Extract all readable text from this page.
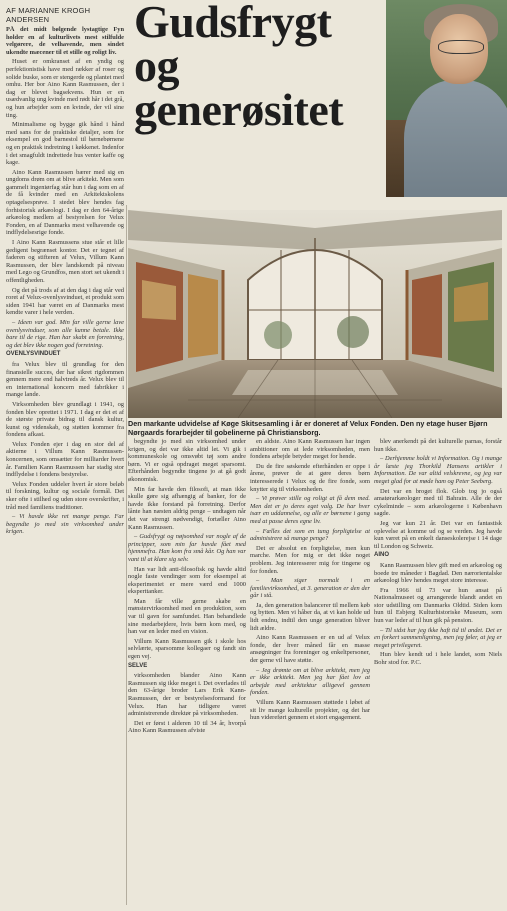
AF MARIANNE KROGH ANDERSEN

PÅ det midt bølgende lystagtige Fyn holder en af kulturlivets mest stilfulde velgørere, de velhavende, men sindet ukendte mæcener til et stille og roligt liv.

Huset er omkranset af en yndig og perfektionistisk have med rækker af roser og solide buske, som er stengerde og plantet med omhu. Her bor Aino Kann Rasmussen, der i dag er blevet bagsekvens. Hun er en usædvanlig ung kvinde med rødt hår i det grå, og hun arbejder som en kvinde, der vil sine ting.

Minimalisme og bygge gik hånd i hånd med sans for de praktiske detaljer, som for eksempel en god barnestol til børnebørnene og en praktisk indretning i køkkenet. Indenfor i det smagfuldt indrettede hus venter kaffe og kage.

Aino Kann Rasmussen bærer med sig en ungdoms drøm om at blive arkitekt. Men som gammelt ingeniørfag står hun i dag som en af de få kvinder med en Arkitektskolens optagelsesprøve. I stedet blev hendes fag forhistorisk arkæologi. I dag er den 64-årige arkæolog medlem af bestyrelsen for Velux Fonden, en af Danmarks mest velhavende og indflydelsesrige fonde.

I Aino Kann Rasmussens stue står et lille gedigent begrænset kontor. Det er tegnet af faderen og stifteren af Velux, Villum Kann Rasmussen, der blev landskendt på niveau med Lego og Grundfos, men stort set ukendt i offentligheden.

Og det på trods af at den dag i dag står ved roret af Velux-ovenlysvinduet, et produkt som siden 1941 har været en af Danmarks mest kendte varer i hele verden.

– Ideen var god. Min far ville gerne lave ovenlysvinduer, som alle kunne betale. Ikke bare til de rige. Han har skabt en forretning, og det blev ikke nogen god forretning.

OVENLYSVINDUET

fra Velux blev til grundlag for den finansielle succes, der har sikret rigdommen gennem mere end halvtreds år. Velux blev til en international koncern med fabrikker i mange lande.

Virksomheden blev grundlagt i 1941, og fonden blev oprettet i 1971. I dag er det et af de største private bidrag til dansk kultur, kunst og videnskab, og støtten kommer fra fondens afkast.

Velux Fonden ejer i dag en stor del af aktierne i Villum Kann Rasmussen-koncernen, som omsætter for milliarder hvert år. Familien Kann Rasmussen har stadig stor indflydelse i fondens bestyrelse.

Velux Fonden uddeler hvert år store beløb til forskning, kultur og sociale formål. Det sker ofte i stilhed og uden store overskrifter, i tråd med familiens traditioner.

– Vi havde ikke ret mange penge. Far begyndte jo med sin virksomhed under krigen.

Gudsfrygt
og
generøsitet
Den markante udvidelse af Køge Skitsesamling i år er doneret af Velux Fonden. Den ny etage huser Bjørn Nørgaards forarbejder til gobelinerne på Christiansborg.

begyndte jo med sin virksomhed under krigen, og det var ikke altid let. Vi gik i kommuneskole og omsvøbt tøj som andre børn. Vi er også opdraget meget sparsomt. Efterhånden begyndte tingene jo at gå godt økonomisk.

Min far havde den filosofi, at man ikke skulle gøre sig afhængig af banker, for de havde ikke forstand på forretning. Derfor lånte han næsten aldrig penge – undtagen når det var strengt nødvendigt, fortæller Aino Kann Rasmussen.

– Gudsfrygt og nøjsomhed var nogle af de principper, som min far havde fået med hjemmefra. Han kom fra små kår. Og han var vant til at klare sig selv.

Han var lidt anti-filosofisk og havde altid nogle faste vendinger som for eksempel at eksperimentet er mere værd end 1000 eksperttanker.

Man får ville gerne skabe en mønstervirksomhed med en produktion, som var til gavn for samfundet. Han behandlede sine medarbejdere, hvis børn kom med, og han var en leder med en vision.

Villum Kann Rasmussen gik i skole hos selvlærte, sparsomme kollegaer og fandt sin egen vej.

SELVE

virksomheden blander Aino Kann Rasmussen sig ikke meget i. Det overlades til den 63-årige broder Lars Erik Kann-Rasmussen, der er bestyrelsesformand for Velux. Han har tidligere været administrerende direktør på virksomheden.

Det er først i alderen 10 til 34 år, hvorpå Aino Kann Rasmussen afviste

en aldste. Aino Kann Rasmussen har ingen ambitioner om at lede virksomheden, men fondens arbejde betyder meget for hende.

Du de fire søskende efterhånden er oppe i årene, prøver de at gøre deres børn interesserede i Velux og de fire fonde, som knytter sig til virksomheden.

– Vi prøver stille og roligt at få dem med. Men det er jo deres eget valg. De har hver især en uddannelse, og alle er børnene i gang med at passe deres egne liv.

– Fælles det som en tung forpligtelse at administrere så mange penge?

Det er absolut en forpligtelse, men kun marche. Men for mig er det ikke noget problem. Jeg interesserer mig for tingene og for fonden.

– Man siger normalt i en familievirksomhed, at 3. generation er den der går i stå.

Ja, den generation balancerer til mellem køb og bytten. Men vi håber da, at vi kan holde ud lidt endnu, indtil den unge generation bliver lidt ældre.

Aino Kann Rasmussen er en ud af Velux fonde, der hver måned får en masse ansøgninger fra foreninger og enkeltpersoner, der gerne vil have støtte.

– Jeg drømte om at blive arkitekt, men jeg er ikke arkitekt. Men jeg har fået lov at arbejde med arkitektur alligevel gennem fonden.

Villum Kann Rasmussen støttede i løbet af sit liv mange kulturelle projekter, og det har hun videreført gennem et stort engagement.

blev anerkendt på det kulturelle parnas, forstår hun ikke.

– Derhjemme holdt vi Information. Og i mange år læste jeg Thorkild Hansens artikler i Information. De var altid velskrevne, og jeg var meget glad for at møde ham og Peter Seeberg.

Det var en broget flok. Glob tog jo også amatørarkæologer med til Bahrain. Alle de der cykelminde – som arkæologerne i København sagde.

Jeg var kun 21 år. Det var en fantastisk oplevelse at komme ud og se verden. Jeg havde kun været på en enkelt danseskolerejse i 14 dage til London og Schweiz.

AINO

Kann Rasmussen blev gift med en arkæolog og boede tre måneder i Bagdad. Den nærorientalske arkæologi blev hendes meget store interesse.

Fra 1966 til 73 var hun ansat på Nationalmuseet og arrangerede blandt andet en stor udstilling om Danmarks Oldtid. Siden kom hun til Esbjerg Kulturhistoriske Museum, som hun var leder af til hun gik på pension.

– Til sidst har jeg ikke haft tid til andet. Det er en forkert sammenligning, men jeg føler, at jeg er meget privilegeret.

Hun blev kendt ud i hele landet, som Niels Bohr stod for. P.C.
